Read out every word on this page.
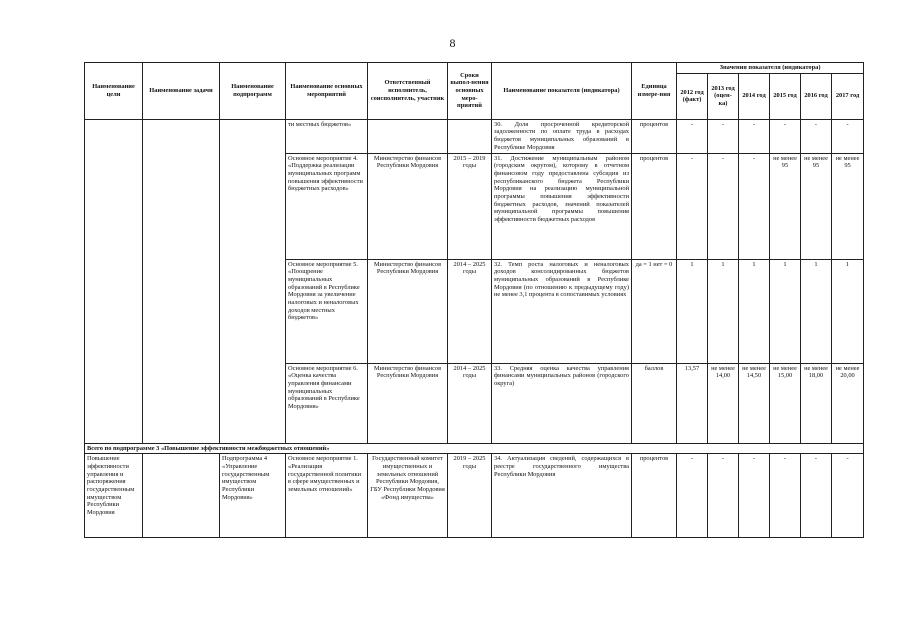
8
Наименование цели	Наименование задачи	Наименование подпрограмм	Наименование основных мероприятий	Ответственный исполнитель, соисполнитель, участник	Сроки выпол-нения основных меро-приятий	Наименование показателя (индикатора)	Единица измере-ния	Значения показателя (индикатора)					
								2012 год (факт)	2013 год (оцен-ка)	2014 год	2015 год	2016 год	2017 год
			ти местных бюджетов»			30. Доля просроченной кредиторской задолженности по оплате труда в расходах бюджетов муниципальных образований в Республике Мордовия	процентов	-	-	-	-	-	-
			Основное мероприятие 4. «Поддержка реализации муниципальных программ повышения эффективности бюджетных расходов»	Министерство финансов Республики Мордовия	2015 – 2019 годы	31. Достижение муниципальным районом (городским округом), которому в отчетном финансовом году предоставлена субсидия из республиканского бюджета Республики Мордовия на реализацию муниципальной программы повышения эффективности бюджетных расходов, значений показателей муниципальной программы повышения эффективности бюджетных расходов	процентов	-	-	-	не менее 95	не менее 95	не менее 95
			Основное мероприятие 5. «Поощрение муниципальных образований в Республике Мордовия за увеличение налоговых и неналоговых доходов местных бюджетов»	Министерство финансов Республики Мордовия	2014 – 2025 годы	32. Темп роста налоговых и неналоговых доходов консолидированных бюджетов муниципальных образований в Республике Мордовия (по отношению к предыдущему году) не менее 3,1 процента в сопоставимых условиях	да = 1 нет = 0	1	1	1	1	1	1
			Основное мероприятие 6. «Оценка качества управления финансами муниципальных образований в Республике Мордовия»	Министерство финансов Республики Мордовия	2014 – 2025 годы	33. Средняя оценка качества управления финансами муниципальных районов (городского округа)	баллов	13,57	не менее 14,00	не менее 14,50	не менее 15,00	не менее 18,00	не менее 20,00
Всего по подпрограмме 3 «Повышение эффективности межбюджетных отношений»													
Повышение эффективности управления и распоряжения государственным имуществом Республики Мордовия		Подпрограмма 4 «Управление государственным имуществом Республики Мордовия»	Основное мероприятие 1. «Реализация государственной политики в сфере имущественных и земельных отношений»	Государственный комитет имущественных и земельных отношений Республики Мордовия, ГБУ Республики Мордовия «Фонд имущества»	2019 – 2025 годы	34. Актуализация сведений, содержащихся в реестре государственного имущества Республики Мордовия	процентов	-	-	-	-	-	-
